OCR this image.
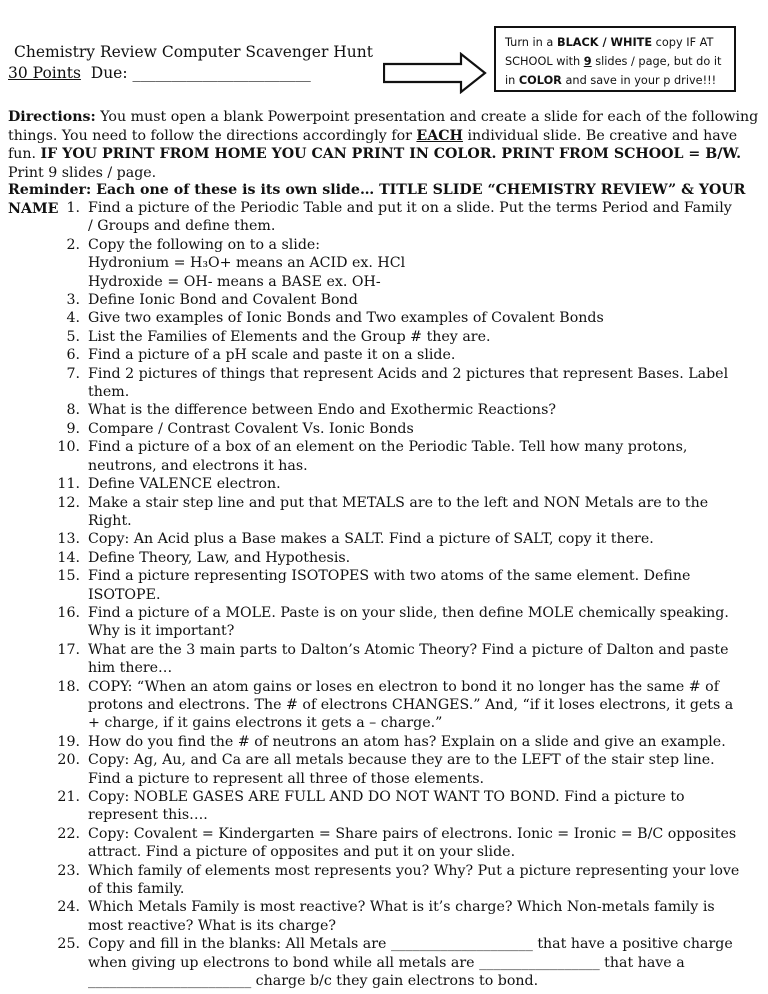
Chemistry Review Computer Scavenger Hunt
30 Points  Due: _______________________
Turn in a BLACK / WHITE copy IF AT SCHOOL with 9 slides / page, but do it in COLOR and save in your p drive!!!
Directions: You must open a blank Powerpoint presentation and create a slide for each of the following things. You need to follow the directions accordingly for EACH individual slide. Be creative and have fun. IF YOU PRINT FROM HOME YOU CAN PRINT IN COLOR. PRINT FROM SCHOOL = B/W. Print 9 slides / page.
Reminder: Each one of these is its own slide… TITLE SLIDE “CHEMISTRY REVIEW” & YOUR NAME 1. Find a picture of the Periodic Table and put it on a slide. Put the terms Period and Family / Groups and define them.
2. Copy the following on to a slide:
Hydronium = H₃O+ means an ACID ex. HCl
Hydroxide = OH- means a BASE ex. OH-
3. Define Ionic Bond and Covalent Bond
4. Give two examples of Ionic Bonds and Two examples of Covalent Bonds
5. List the Families of Elements and the Group # they are.
6. Find a picture of a pH scale and paste it on a slide.
7. Find 2 pictures of things that represent Acids and 2 pictures that represent Bases. Label them.
8. What is the difference between Endo and Exothermic Reactions?
9. Compare / Contrast Covalent Vs. Ionic Bonds
10. Find a picture of a box of an element on the Periodic Table. Tell how many protons, neutrons, and electrons it has.
11. Define VALENCE electron.
12. Make a stair step line and put that METALS are to the left and NON Metals are to the Right.
13. Copy: An Acid plus a Base makes a SALT. Find a picture of SALT, copy it there.
14. Define Theory, Law, and Hypothesis.
15. Find a picture representing ISOTOPES with two atoms of the same element. Define ISOTOPE.
16. Find a picture of a MOLE. Paste is on your slide, then define MOLE chemically speaking. Why is it important?
17. What are the 3 main parts to Dalton’s Atomic Theory? Find a picture of Dalton and paste him there…
18. COPY: “When an atom gains or loses en electron to bond it no longer has the same # of protons and electrons. The # of electrons CHANGES.” And, “if it loses electrons, it gets a + charge, if it gains electrons it gets a – charge.”
19. How do you find the # of neutrons an atom has? Explain on a slide and give an example.
20. Copy: Ag, Au, and Ca are all metals because they are to the LEFT of the stair step line. Find a picture to represent all three of those elements.
21. Copy: NOBLE GASES ARE FULL AND DO NOT WANT TO BOND. Find a picture to represent this….
22. Copy: Covalent = Kindergarten = Share pairs of electrons. Ionic = Ironic = B/C opposites attract. Find a picture of opposites and put it on your slide.
23. Which family of elements most represents you? Why? Put a picture representing your love of this family.
24. Which Metals Family is most reactive? What is it’s charge? Which Non-metals family is most reactive? What is its charge?
25. Copy and fill in the blanks: All Metals are ____________________ that have a positive charge when giving up electrons to bond while all metals are _________________ that have a _______________________ charge b/c they gain electrons to bond.
